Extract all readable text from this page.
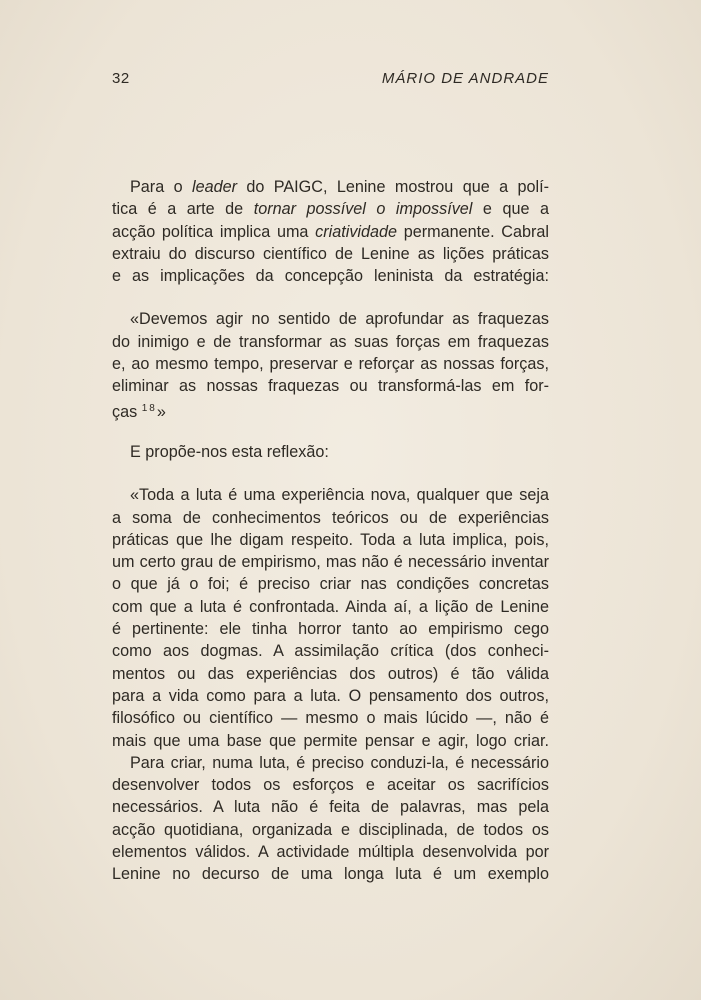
32	MÁRIO DE ANDRADE
Para o leader do PAIGC, Lenine mostrou que a polí-
tica é a arte de tornar possível o impossível e que a
acção política implica uma criatividade permanente. Cabral
extraiu do discurso científico de Lenine as lições práticas
e as implicações da concepção leninista da estratégia:
«Devemos agir no sentido de aprofundar as fraquezas
do inimigo e de transformar as suas forças em fraquezas
e, ao mesmo tempo, preservar e reforçar as nossas forças,
eliminar as nossas fraquezas ou transformá-las em for-
ças $^{18}$»
E propõe-nos esta reflexão:
«Toda a luta é uma experiência nova, qualquer que seja
a soma de conhecimentos teóricos ou de experiências
práticas que lhe digam respeito. Toda a luta implica, pois,
um certo grau de empirismo, mas não é necessário inventar
o que já o foi; é preciso criar nas condições concretas
com que a luta é confrontada. Ainda aí, a lição de Lenine
é pertinente: ele tinha horror tanto ao empirismo cego
como aos dogmas. A assimilação crítica (dos conheci-
mentos ou das experiências dos outros) é tão válida
para a vida como para a luta. O pensamento dos outros,
filosófico ou científico — mesmo o mais lúcido —, não é
mais que uma base que permite pensar e agir, logo criar.
Para criar, numa luta, é preciso conduzi-la, é necessário
desenvolver todos os esforços e aceitar os sacrifícios
necessários. A luta não é feita de palavras, mas pela
acção quotidiana, organizada e disciplinada, de todos os
elementos válidos. A actividade múltipla desenvolvida por
Lenine no decurso de uma longa luta é um exemplo
